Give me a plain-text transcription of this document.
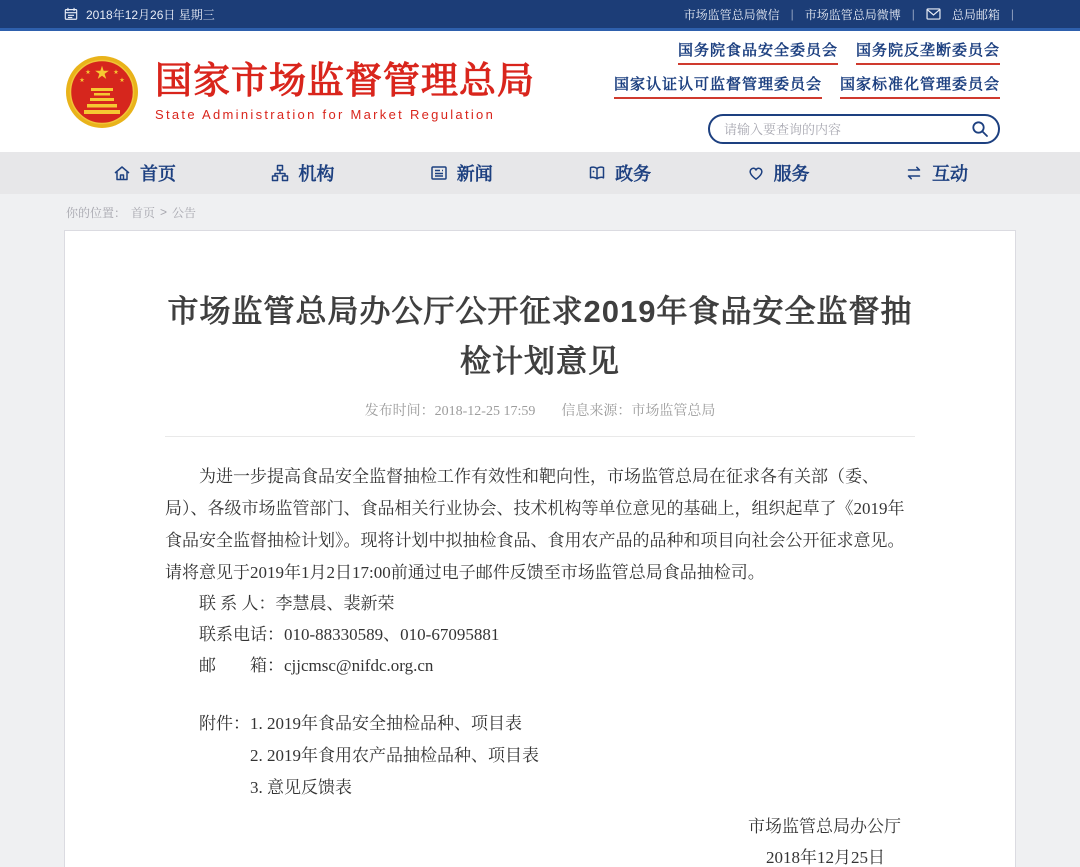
2018年12月26日 星期三	市场监管总局微信 | 市场监管总局微博 |	总局邮箱 |
国家市场监督管理总局
State Administration for Market Regulation
国务院食品安全委员会 国务院反垄断委员会
国家认证认可监督管理委员会 国家标准化管理委员会
请输入要查询的内容
首页	机构	新闻	政务	服务	互动
你的位置： 首页 > 公告
市场监管总局办公厅公开征求2019年食品安全监督抽检计划意见
发布时间：2018-12-25 17:59 信息来源：市场监管总局

为进一步提高食品安全监督抽检工作有效性和靶向性，市场监管总局在征求各有关部（委、局）、各级市场监管部门、食品相关行业协会、技术机构等单位意见的基础上，组织起草了《2019年食品安全监督抽检计划》。现将计划中拟抽检食品、食用农产品的品种和项目向社会公开征求意见。请将意见于2019年1月2日17:00前通过电子邮件反馈至市场监管总局食品抽检司。

联 系 人：李慧晨、裴新荣
联系电话：010-88330589、010-67095881
邮　　箱：cjjcmsc@nifdc.org.cn
附件：1. 2019年食品安全抽检品种、项目表
2. 2019年食用农产品抽检品种、项目表
3. 意见反馈表
市场监管总局办公厅
2018年12月25日
